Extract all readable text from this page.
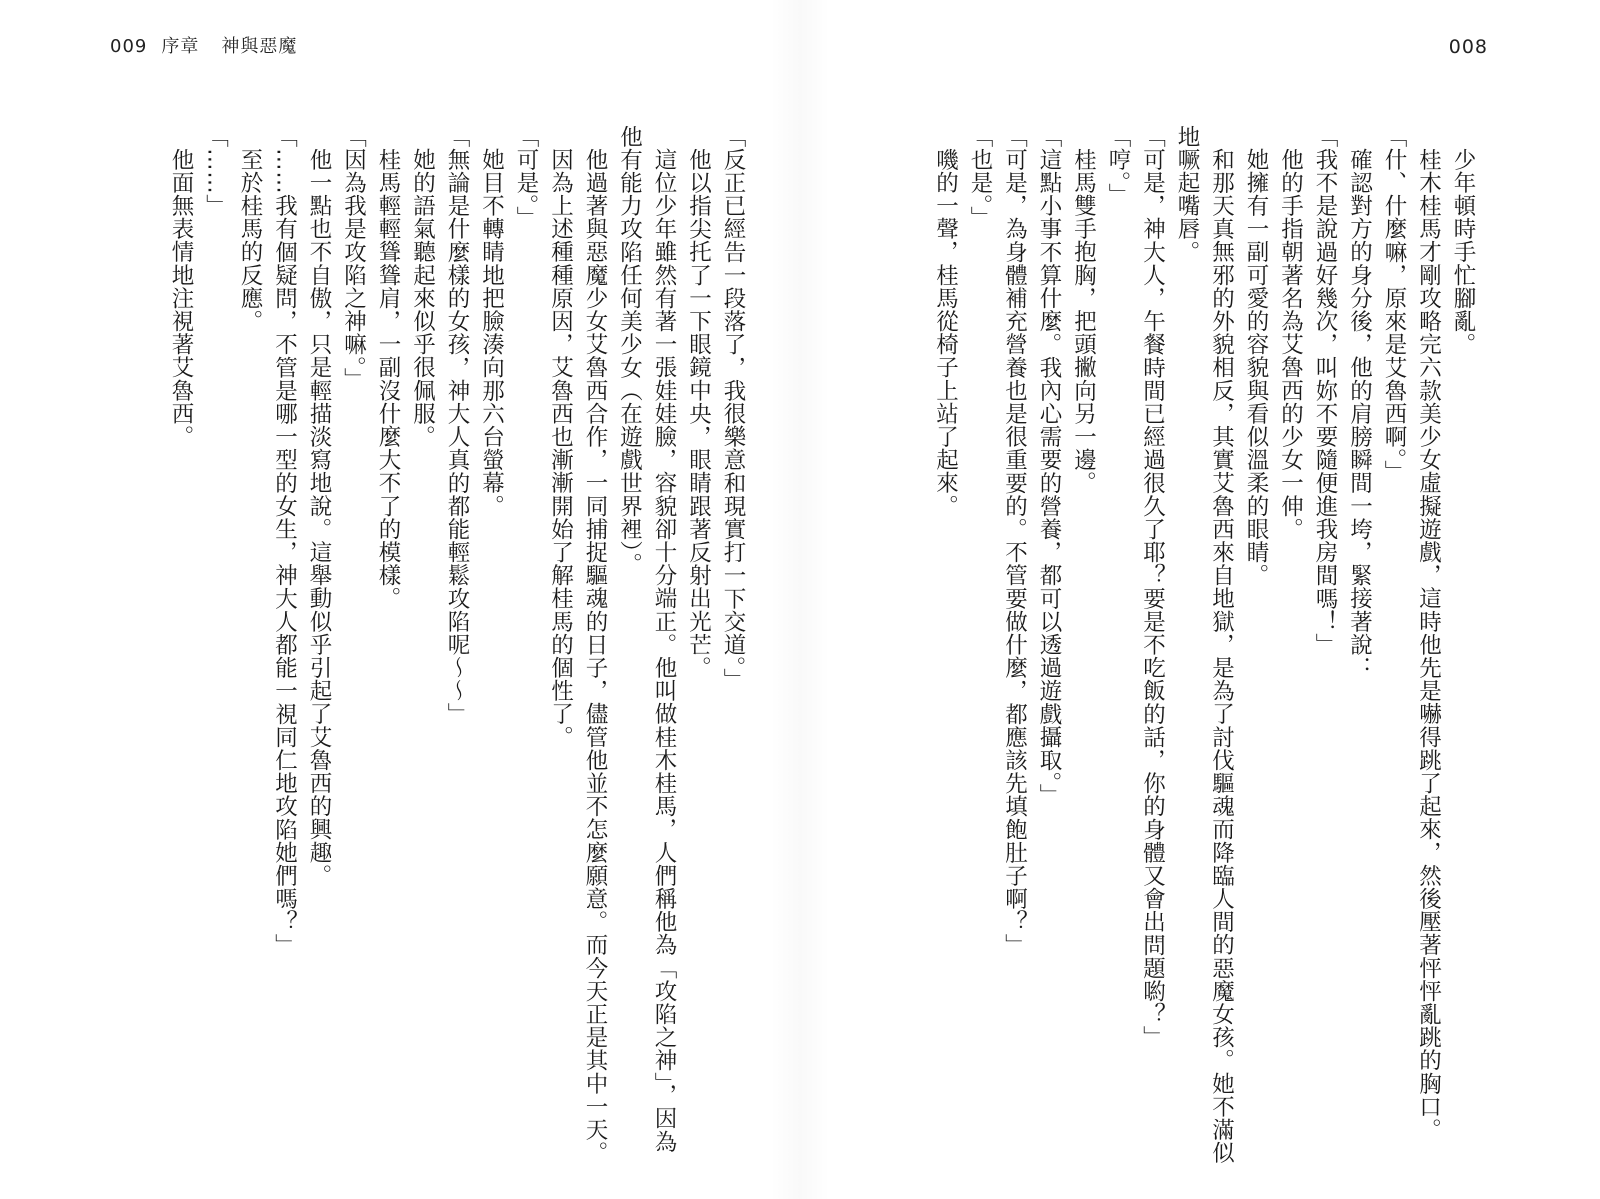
009 序章 神與惡魔	008

少年頓時手忙腳亂。

桂木桂馬才剛攻略完六款美少女虛擬遊戲，這時他先是嚇得跳了起來，然後壓著怦怦亂跳的胸口。

「什、什麼嘛，原來是艾魯西啊。」

確認對方的身分後，他的肩膀瞬間一垮，緊接著說：

「我不是說過好幾次，叫妳不要隨便進我房間嗎！」

他的手指朝著名為艾魯西的少女一伸。

她擁有一副可愛的容貌與看似溫柔的眼睛。

和那天真無邪的外貌相反，其實艾魯西來自地獄，是為了討伐驅魂而降臨人間的惡魔女孩。她不滿似地噘起嘴唇。

「可是，神大人，午餐時間已經過很久了耶？要是不吃飯的話，你的身體又會出問題喲？」

「哼。」

桂馬雙手抱胸，把頭撇向另一邊。

「這點小事不算什麼。我內心需要的營養，都可以透過遊戲攝取。」

「可是，為身體補充營養也是很重要的。不管要做什麼，都應該先填飽肚子啊？」

「也是。」

嘰的一聲，桂馬從椅子上站了起來。

「反正已經告一段落了，我很樂意和現實打一下交道。」

他以指尖托了一下眼鏡中央，眼睛跟著反射出光芒。

這位少年雖然有著一張娃娃臉，容貌卻十分端正。他叫做桂木桂馬，人們稱他為「攻陷之神」，因為他有能力攻陷任何美少女（在遊戲世界裡）。

他過著與惡魔少女艾魯西合作，一同捕捉驅魂的日子，儘管他並不怎麼願意。而今天正是其中一天。

因為上述種種原因，艾魯西也漸漸開始了解桂馬的個性了。

「可是。」

她目不轉睛地把臉湊向那六台螢幕。

「無論是什麼樣的女孩，神大人真的都能輕鬆攻陷呢～～」

她的語氣聽起來似乎很佩服。

桂馬輕輕聳聳肩，一副沒什麼大不了的模樣。

「因為我是攻陷之神嘛。」

他一點也不自傲，只是輕描淡寫地說。這舉動似乎引起了艾魯西的興趣。

「……我有個疑問，不管是哪一型的女生，神大人都能一視同仁地攻陷她們嗎？」

至於桂馬的反應。

「……」

他面無表情地注視著艾魯西。
